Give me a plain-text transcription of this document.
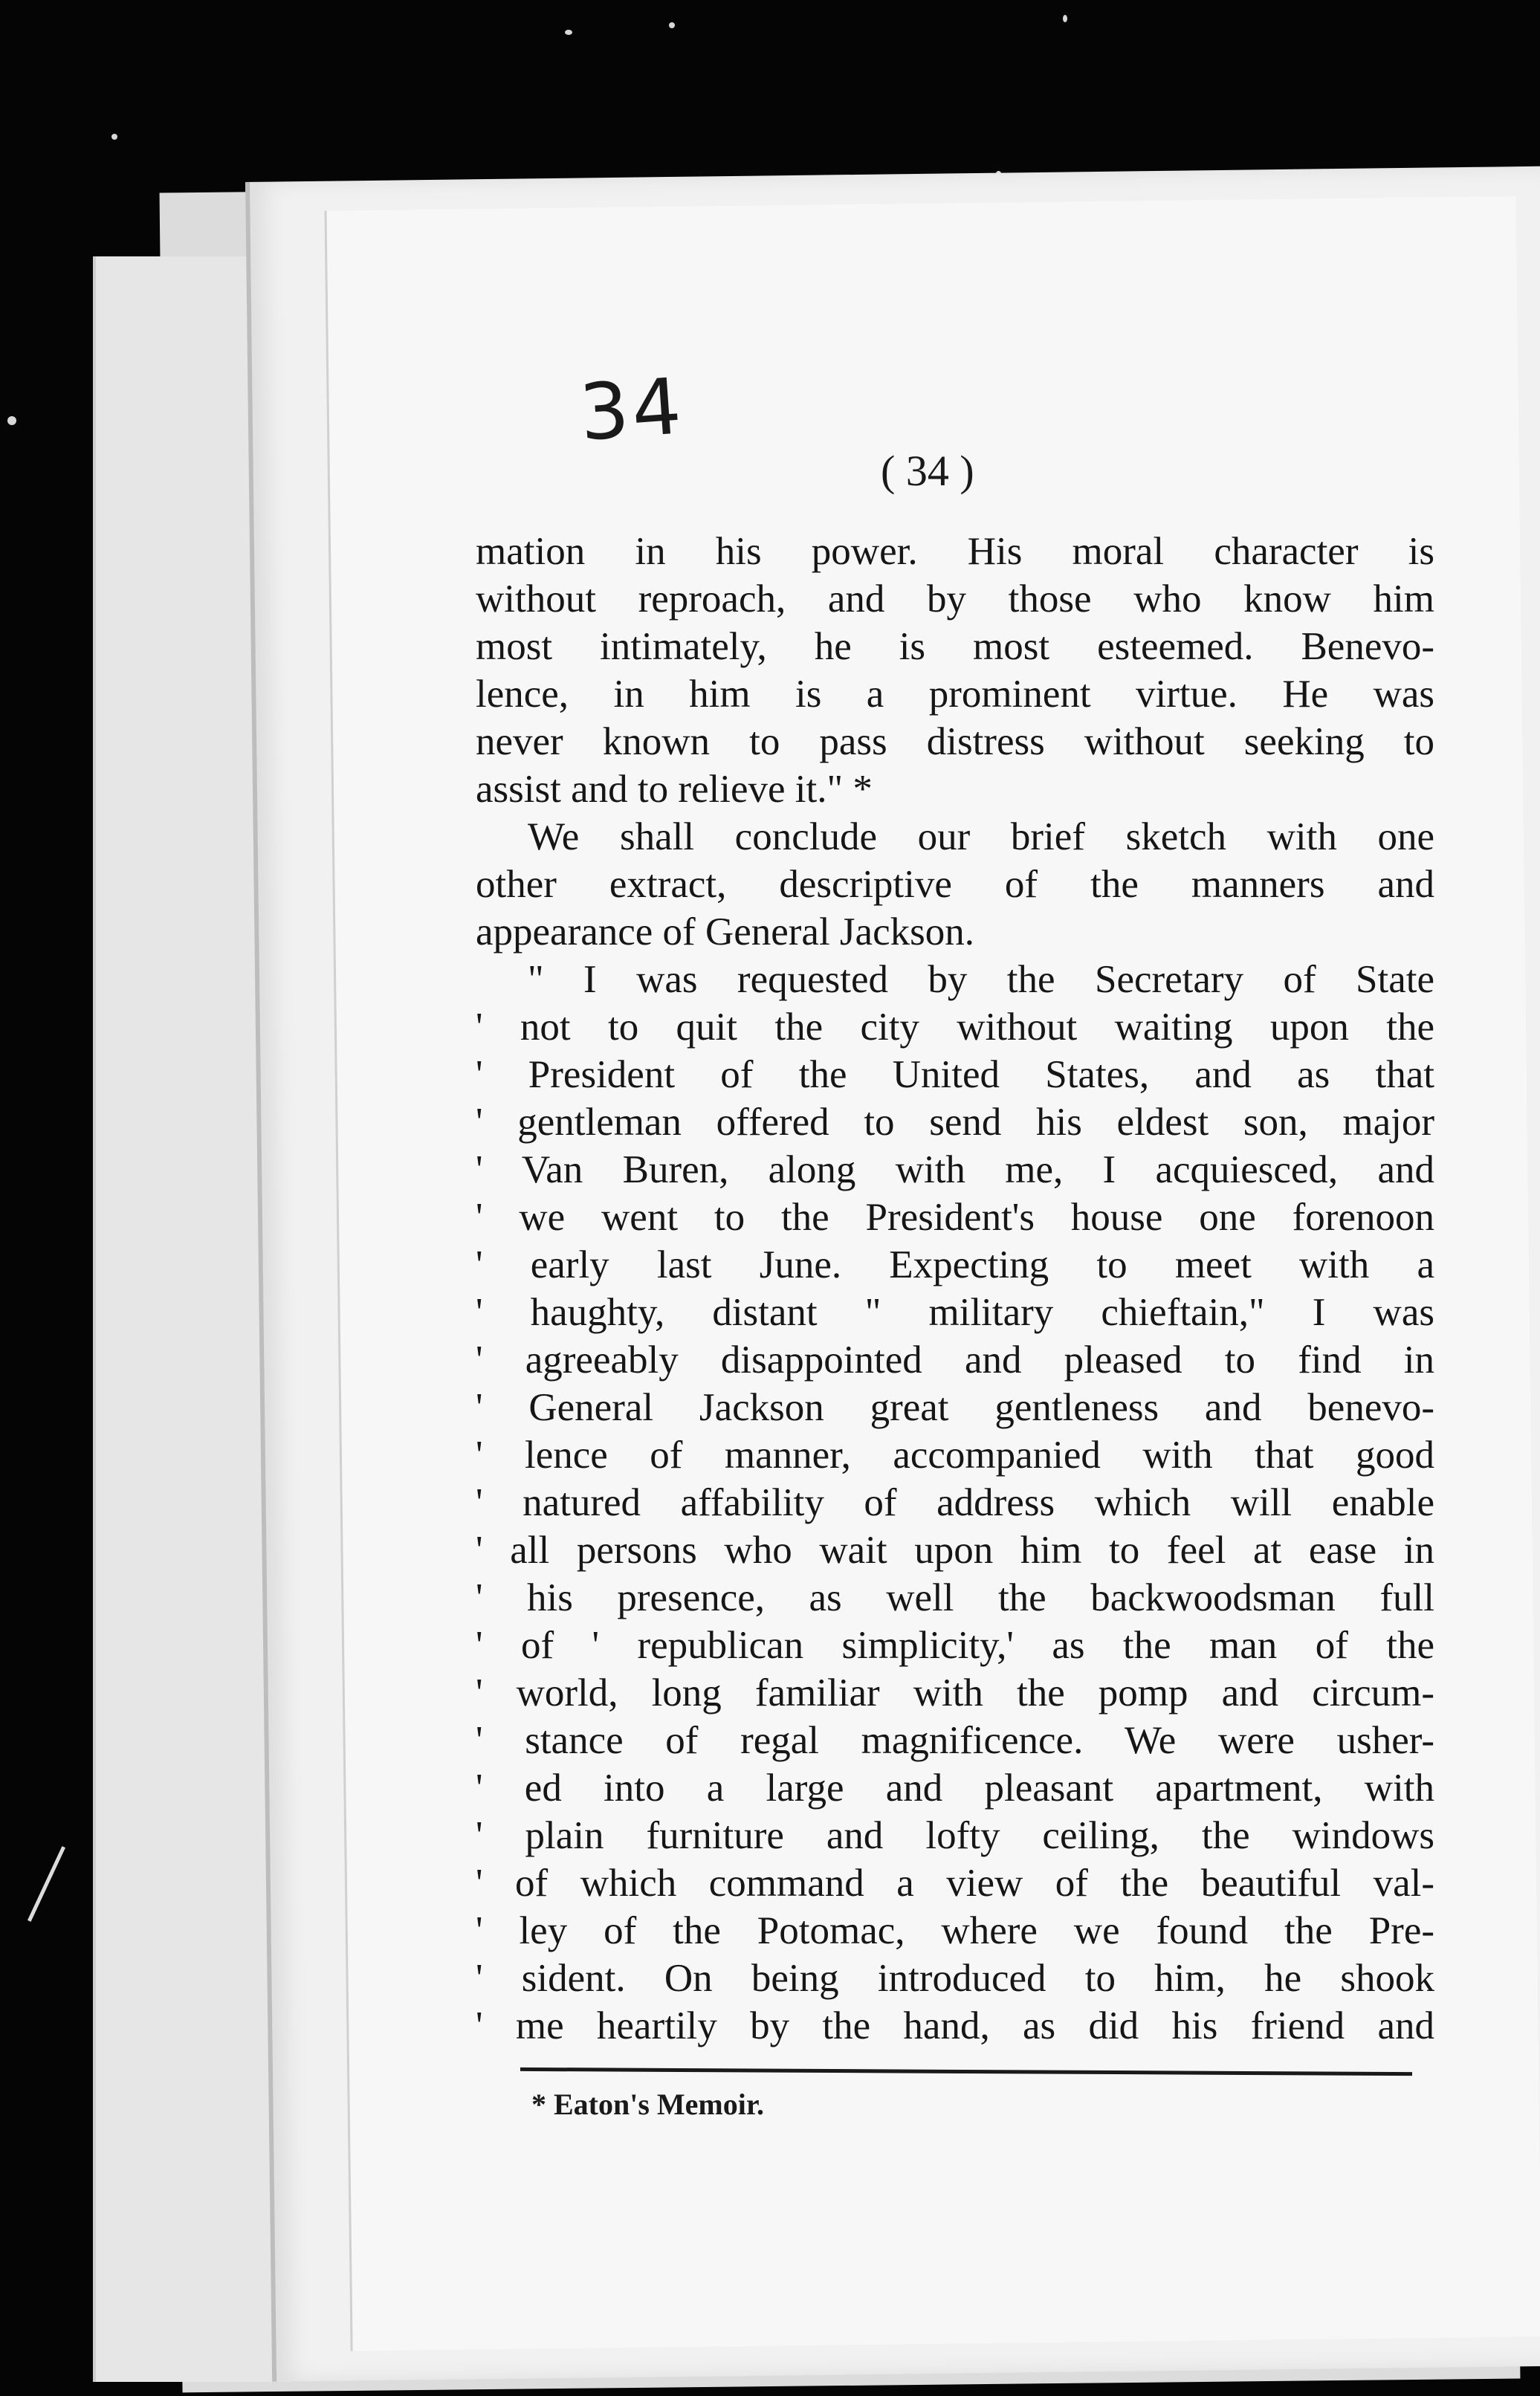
34
( 34 )
mation in his power. His moral character is
without reproach, and by those who know him
most intimately, he is most esteemed. Benevo-
lence, in him is a prominent virtue. He was
never known to pass distress without seeking to
assist and to relieve it." *
We shall conclude our brief sketch with one
other extract, descriptive of the manners and
appearance of General Jackson.
" I was requested by the Secretary of State
' not to quit the city without waiting upon the
' President of the United States, and as that
' gentleman offered to send his eldest son, major
' Van Buren, along with me, I acquiesced, and
' we went to the President's house one forenoon
' early last June. Expecting to meet with a
' haughty, distant " military chieftain," I was
' agreeably disappointed and pleased to find in
' General Jackson great gentleness and benevo-
' lence of manner, accompanied with that good
' natured affability of address which will enable
' all persons who wait upon him to feel at ease in
' his presence, as well the backwoodsman full
' of ' republican simplicity,' as the man of the
' world, long familiar with the pomp and circum-
' stance of regal magnificence. We were usher-
' ed into a large and pleasant apartment, with
' plain furniture and lofty ceiling, the windows
' of which command a view of the beautiful val-
' ley of the Potomac, where we found the Pre-
' sident. On being introduced to him, he shook
' me heartily by the hand, as did his friend and
* Eaton's Memoir.
